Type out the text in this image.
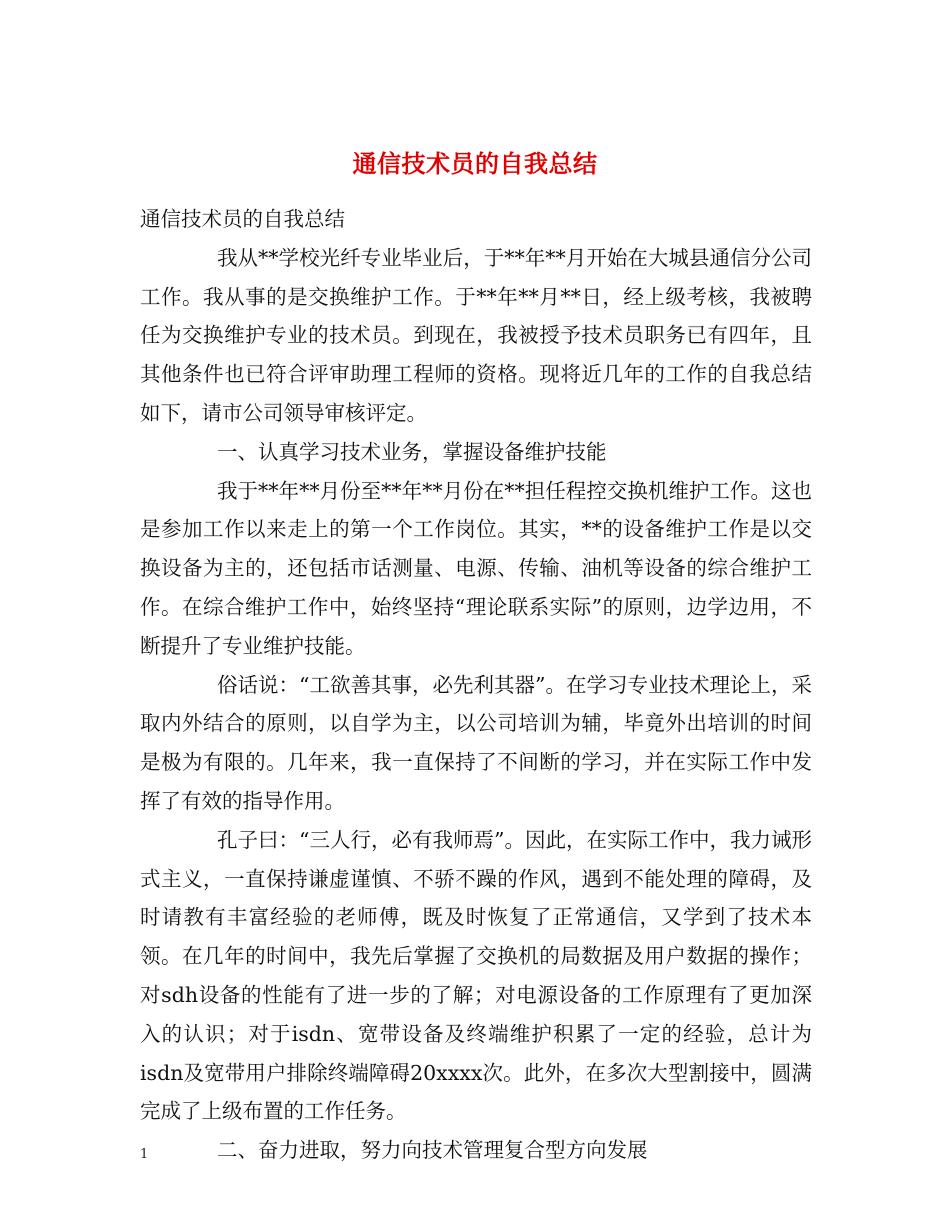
通信技术员的自我总结

通信技术员的自我总结

我从**学校光纤专业毕业后，于**年**月开始在大城县通信分公司工作。我从事的是交换维护工作。于**年**月**日，经上级考核，我被聘任为交换维护专业的技术员。到现在，我被授予技术员职务已有四年，且其他条件也已符合评审助理工程师的资格。现将近几年的工作的自我总结如下，请市公司领导审核评定。

一、认真学习技术业务，掌握设备维护技能

我于**年**月份至**年**月份在**担任程控交换机维护工作。这也是参加工作以来走上的第一个工作岗位。其实，**的设备维护工作是以交换设备为主的，还包括市话测量、电源、传输、油机等设备的综合维护工作。在综合维护工作中，始终坚持“理论联系实际”的原则，边学边用，不断提升了专业维护技能。

俗话说：“工欲善其事，必先利其器”。在学习专业技术理论上，采取内外结合的原则，以自学为主，以公司培训为辅，毕竟外出培训的时间是极为有限的。几年来，我一直保持了不间断的学习，并在实际工作中发挥了有效的指导作用。

孔子曰：“三人行，必有我师焉”。因此，在实际工作中，我力诫形式主义，一直保持谦虚谨慎、不骄不躁的作风，遇到不能处理的障碍，及时请教有丰富经验的老师傅，既及时恢复了正常通信，又学到了技术本领。在几年的时间中，我先后掌握了交换机的局数据及用户数据的操作；对sdh设备的性能有了进一步的了解；对电源设备的工作原理有了更加深入的认识；对于isdn、宽带设备及终端维护积累了一定的经验，总计为isdn及宽带用户排除终端障碍20xxxx次。此外，在多次大型割接中，圆满完成了上级布置的工作任务。

二、奋力进取，努力向技术管理复合型方向发展

1
